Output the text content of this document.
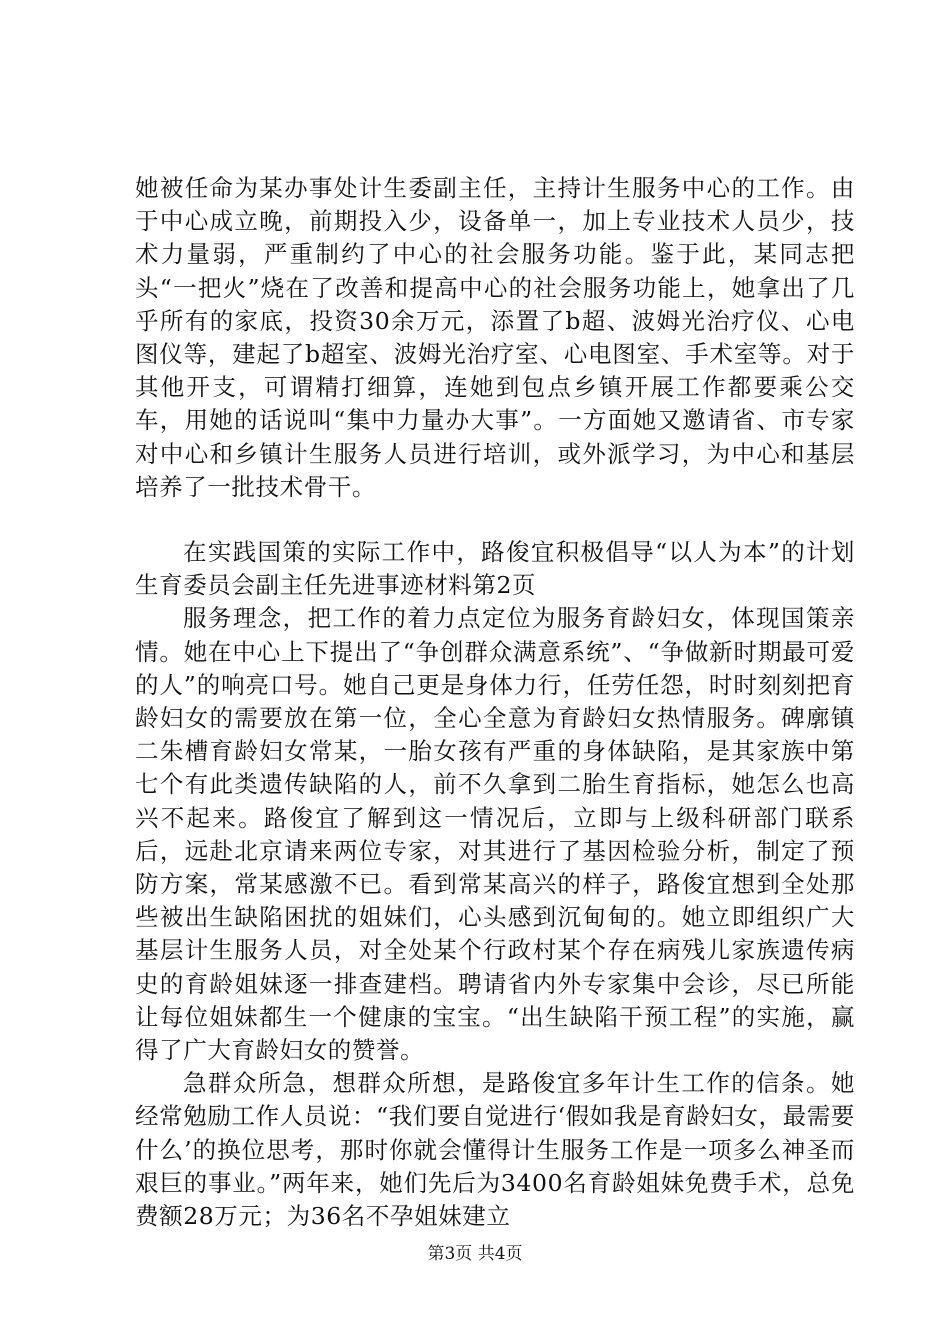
她被任命为某办事处计生委副主任，主持计生服务中心的工作。由于中心成立晚，前期投入少，设备单一，加上专业技术人员少，技术力量弱，严重制约了中心的社会服务功能。鉴于此，某同志把头“一把火”烧在了改善和提高中心的社会服务功能上，她拿出了几乎所有的家底，投资30余万元，添置了b超、波姆光治疗仪、心电图仪等，建起了b超室、波姆光治疗室、心电图室、手术室等。对于其他开支，可谓精打细算，连她到包点乡镇开展工作都要乘公交车，用她的话说叫“集中力量办大事”。一方面她又邀请省、市专家对中心和乡镇计生服务人员进行培训，或外派学习，为中心和基层培养了一批技术骨干。

在实践国策的实际工作中，路俊宜积极倡导“以人为本”的计划生育委员会副主任先进事迹材料第2页

服务理念，把工作的着力点定位为服务育龄妇女，体现国策亲情。她在中心上下提出了“争创群众满意系统”、“争做新时期最可爱的人”的响亮口号。她自己更是身体力行，任劳任怨，时时刻刻把育龄妇女的需要放在第一位，全心全意为育龄妇女热情服务。碑廓镇二朱槽育龄妇女常某，一胎女孩有严重的身体缺陷，是其家族中第七个有此类遗传缺陷的人，前不久拿到二胎生育指标，她怎么也高兴不起来。路俊宜了解到这一情况后，立即与上级科研部门联系后，远赴北京请来两位专家，对其进行了基因检验分析，制定了预防方案，常某感激不已。看到常某高兴的样子，路俊宜想到全处那些被出生缺陷困扰的姐妹们，心头感到沉甸甸的。她立即组织广大基层计生服务人员，对全处某个行政村某个存在病残儿家族遗传病史的育龄姐妹逐一排查建档。聘请省内外专家集中会诊，尽已所能让每位姐妹都生一个健康的宝宝。“出生缺陷干预工程”的实施，赢得了广大育龄妇女的赞誉。

急群众所急，想群众所想，是路俊宜多年计生工作的信条。她经常勉励工作人员说：“我们要自觉进行‘假如我是育龄妇女，最需要什么’的换位思考，那时你就会懂得计生服务工作是一项多么神圣而艰巨的事业。”两年来，她们先后为3400名育龄姐妹免费手术，总免费额28万元；为36名不孕姐妹建立

第3页 共4页
